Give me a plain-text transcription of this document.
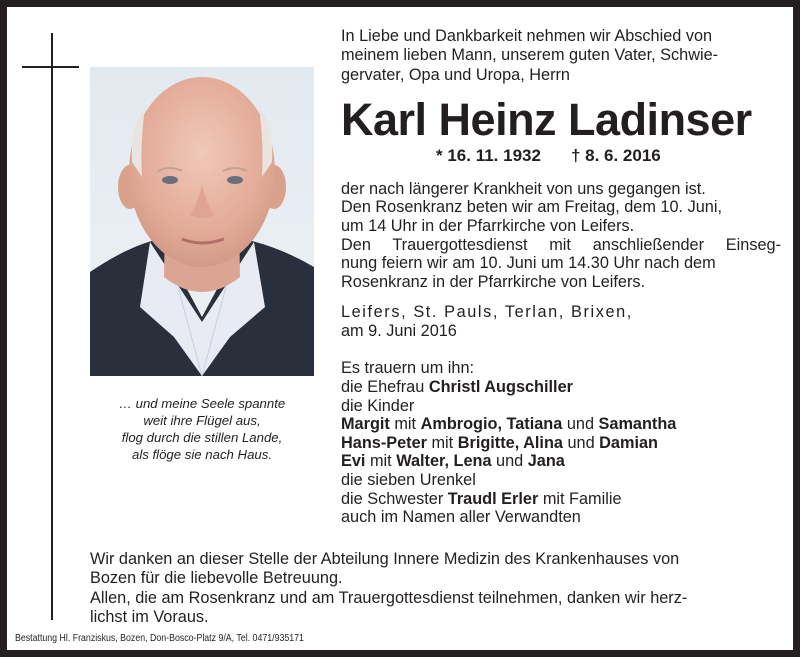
… und meine Seele spannte
weit ihre Flügel aus,
flog durch die stillen Lande,
als flöge sie nach Haus.
In Liebe und Dankbarkeit nehmen wir Abschied von
meinem lieben Mann, unserem guten Vater, Schwie-
gervater, Opa und Uropa, Herrn
Karl Heinz Ladinser
* 16. 11. 1932 † 8. 6. 2016
der nach längerer Krankheit von uns gegangen ist.
Den Rosenkranz beten wir am Freitag, dem 10. Juni,
um 14 Uhr in der Pfarrkirche von Leifers.
Den Trauergottesdienst mit anschließender Einseg-
nung feiern wir am 10. Juni um 14.30 Uhr nach dem
Rosenkranz in der Pfarrkirche von Leifers.
Leifers, St. Pauls, Terlan, Brixen,
am 9. Juni 2016
Es trauern um ihn:
die Ehefrau Christl Augschiller
die Kinder
Margit mit Ambrogio, Tatiana und Samantha
Hans-Peter mit Brigitte, Alina und Damian
Evi mit Walter, Lena und Jana
die sieben Urenkel
die Schwester Traudl Erler mit Familie
auch im Namen aller Verwandten
Wir danken an dieser Stelle der Abteilung Innere Medizin des Krankenhauses von
Bozen für die liebevolle Betreuung.
Allen, die am Rosenkranz und am Trauergottesdienst teilnehmen, danken wir herz-
lichst im Voraus.
Bestattung Hl. Franziskus, Bozen, Don-Bosco-Platz 9/A, Tel. 0471/935171
